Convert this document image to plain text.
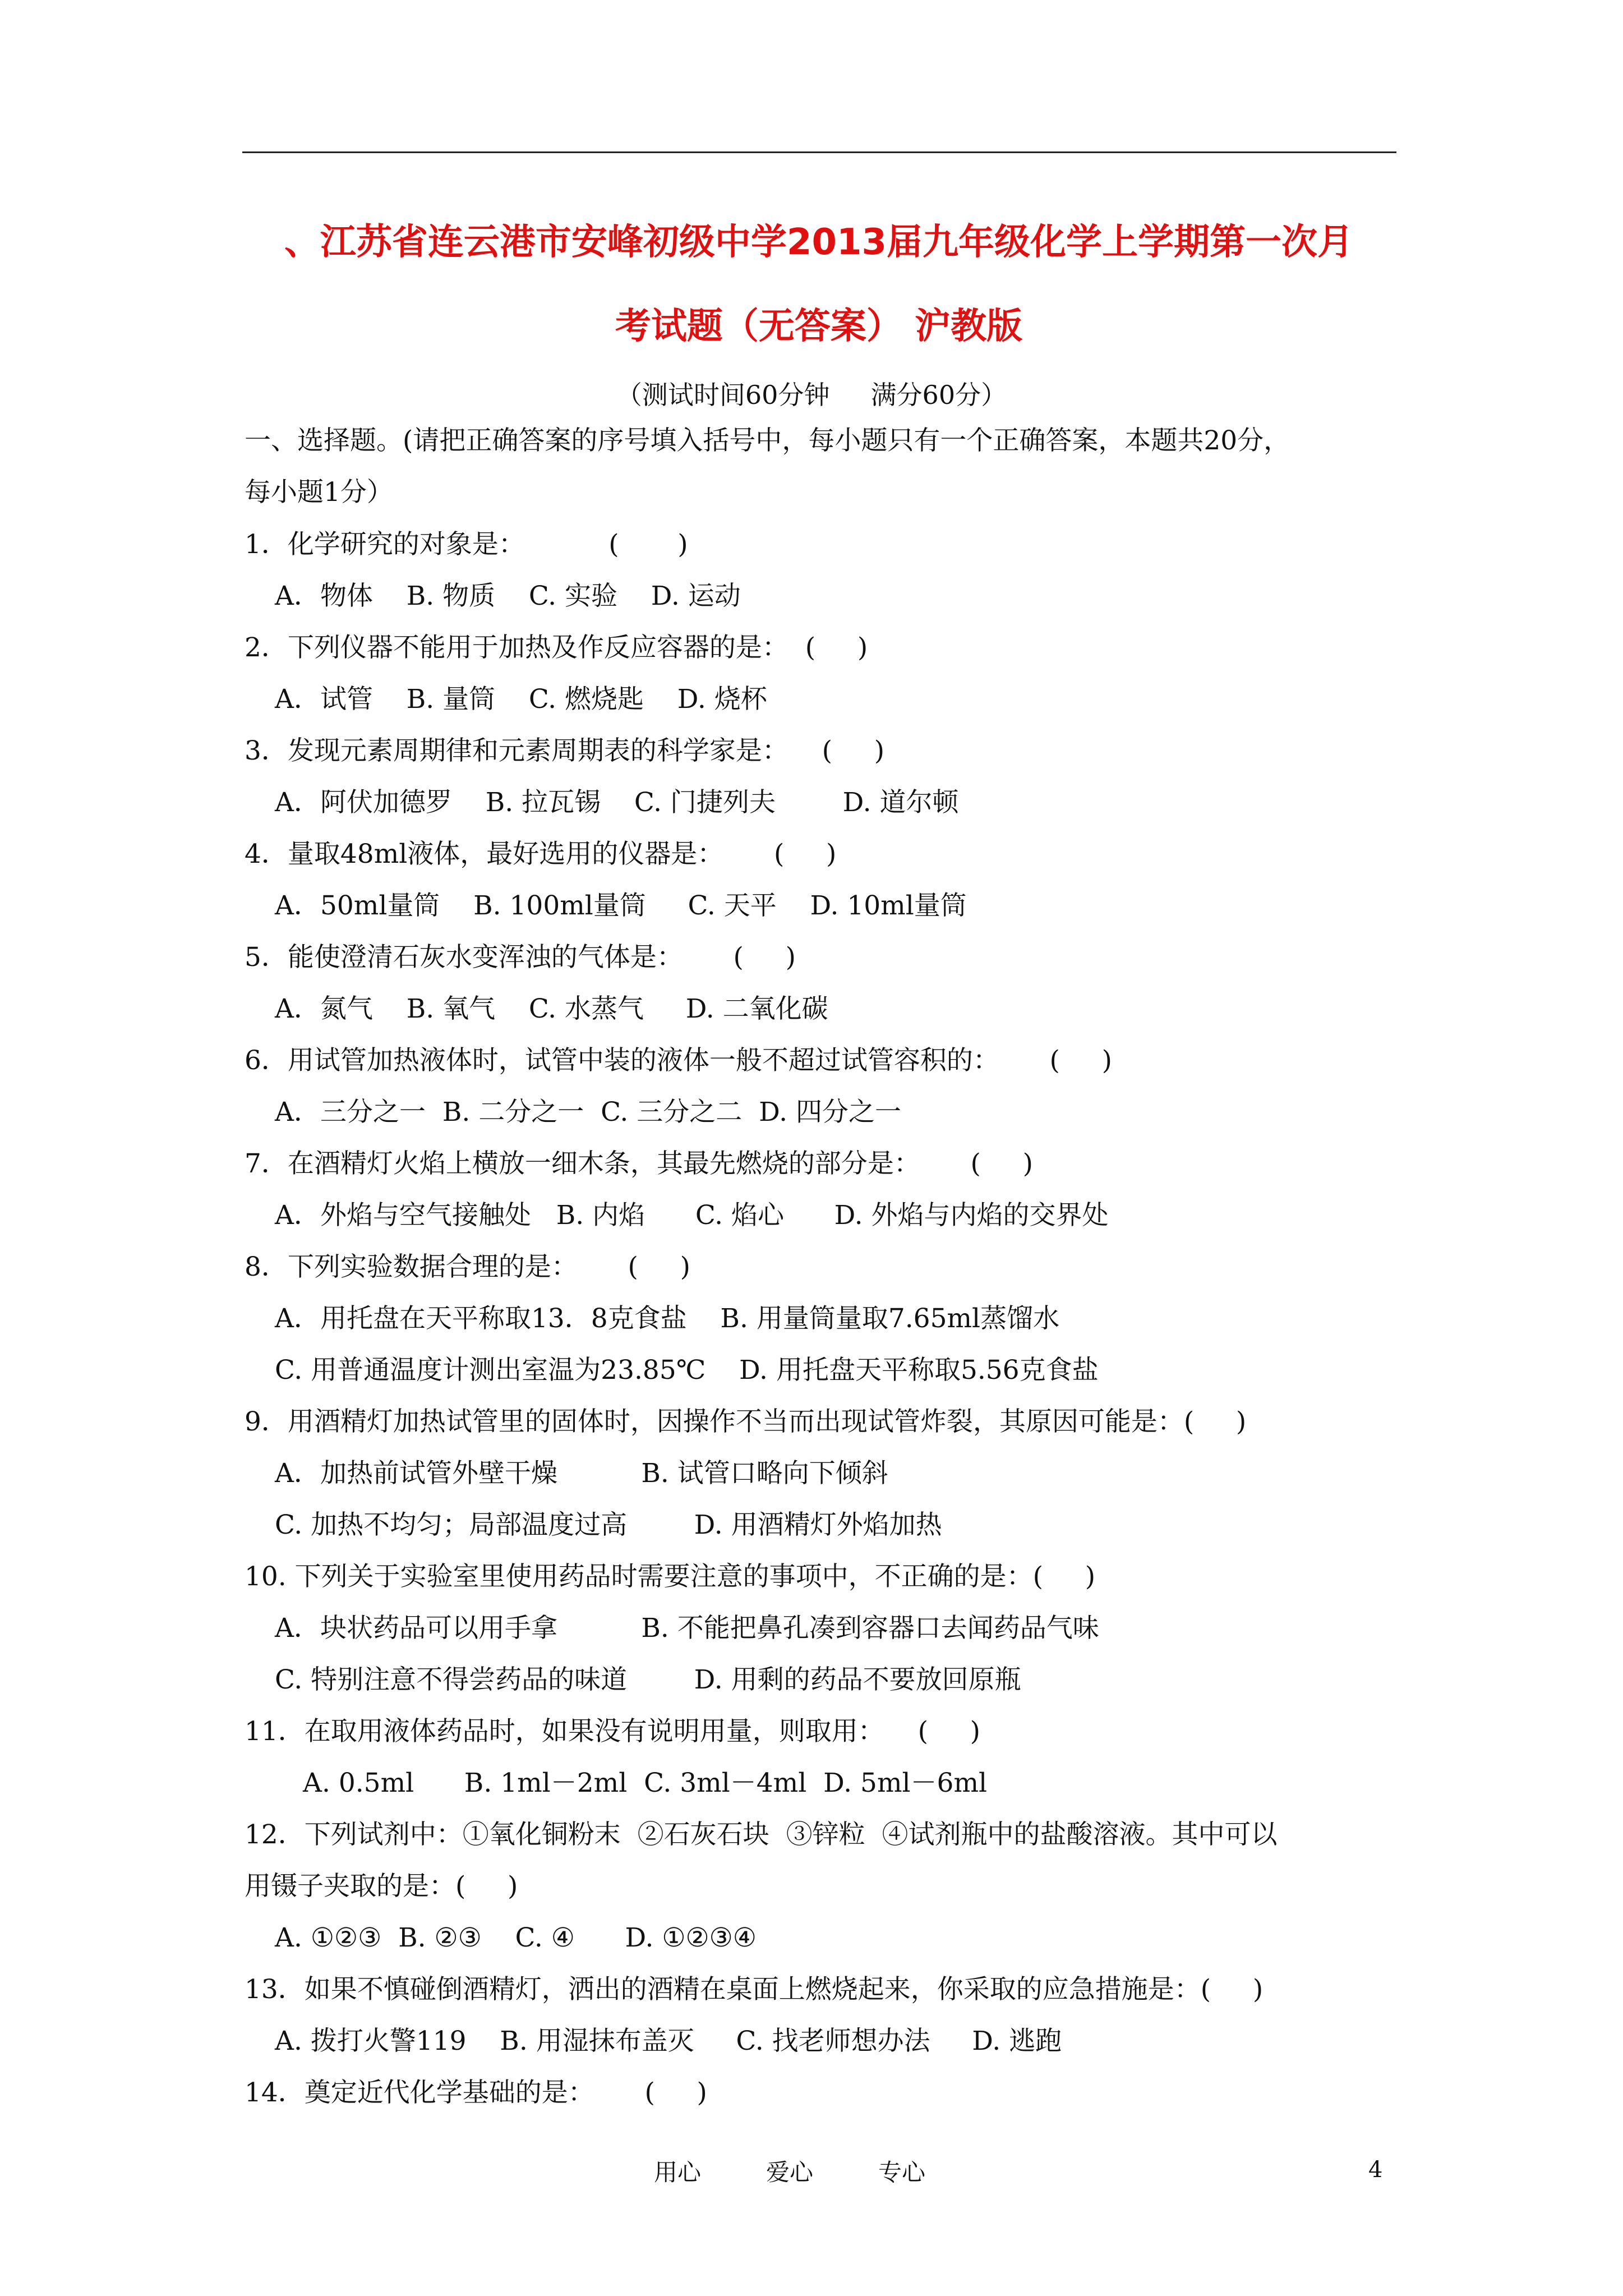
、江苏省连云港市安峰初级中学2013届九年级化学上学期第一次月
考试题（无答案） 沪教版
（测试时间60分钟     满分60分）
一、选择题。(请把正确答案的序号填入括号中，每小题只有一个正确答案，本题共20分，
每小题1分）
1．化学研究的对象是：          (       )
A．物体    B. 物质    C. 实验    D. 运动
2．下列仪器不能用于加热及作反应容器的是：  (     )
A．试管    B. 量筒    C. 燃烧匙    D. 烧杯
3．发现元素周期律和元素周期表的科学家是：    (     )
A．阿伏加德罗    B. 拉瓦锡    C. 门捷列夫        D. 道尔顿
4．量取48ml液体，最好选用的仪器是：      (     )
A．50ml量筒    B. 100ml量筒     C. 天平    D. 10ml量筒
5．能使澄清石灰水变浑浊的气体是：      (     )
A．氮气    B. 氧气    C. 水蒸气     D. 二氧化碳
6．用试管加热液体时，试管中装的液体一般不超过试管容积的：      (     )
A．三分之一  B. 二分之一  C. 三分之二  D. 四分之一
7．在酒精灯火焰上横放一细木条，其最先燃烧的部分是：      (     )
A．外焰与空气接触处   B. 内焰      C. 焰心      D. 外焰与内焰的交界处
8．下列实验数据合理的是：      (     )
A．用托盘在天平称取13．8克食盐    B. 用量筒量取7.65ml蒸馏水
C. 用普通温度计测出室温为23.85℃    D. 用托盘天平称取5.56克食盐
9．用酒精灯加热试管里的固体时，因操作不当而出现试管炸裂，其原因可能是：(     )
A．加热前试管外壁干燥          B. 试管口略向下倾斜
C. 加热不均匀；局部温度过高        D. 用酒精灯外焰加热
10. 下列关于实验室里使用药品时需要注意的事项中，不正确的是：(     )
A．块状药品可以用手拿          B. 不能把鼻孔凑到容器口去闻药品气味
C. 特别注意不得尝药品的味道        D. 用剩的药品不要放回原瓶
11．在取用液体药品时，如果没有说明用量，则取用：    (     )
A. 0.5ml      B. 1ml－2ml  C. 3ml－4ml  D. 5ml－6ml
12．下列试剂中：①氧化铜粉末  ②石灰石块  ③锌粒  ④试剂瓶中的盐酸溶液。其中可以
用镊子夹取的是：(     )
A. ①②③  B. ②③    C. ④      D. ①②③④
13．如果不慎碰倒酒精灯，洒出的酒精在桌面上燃烧起来，你采取的应急措施是：(     )
A. 拨打火警119    B. 用湿抹布盖灭     C. 找老师想办法     D. 逃跑
14．奠定近代化学基础的是：      (     )
用心	爱心	专心	4
